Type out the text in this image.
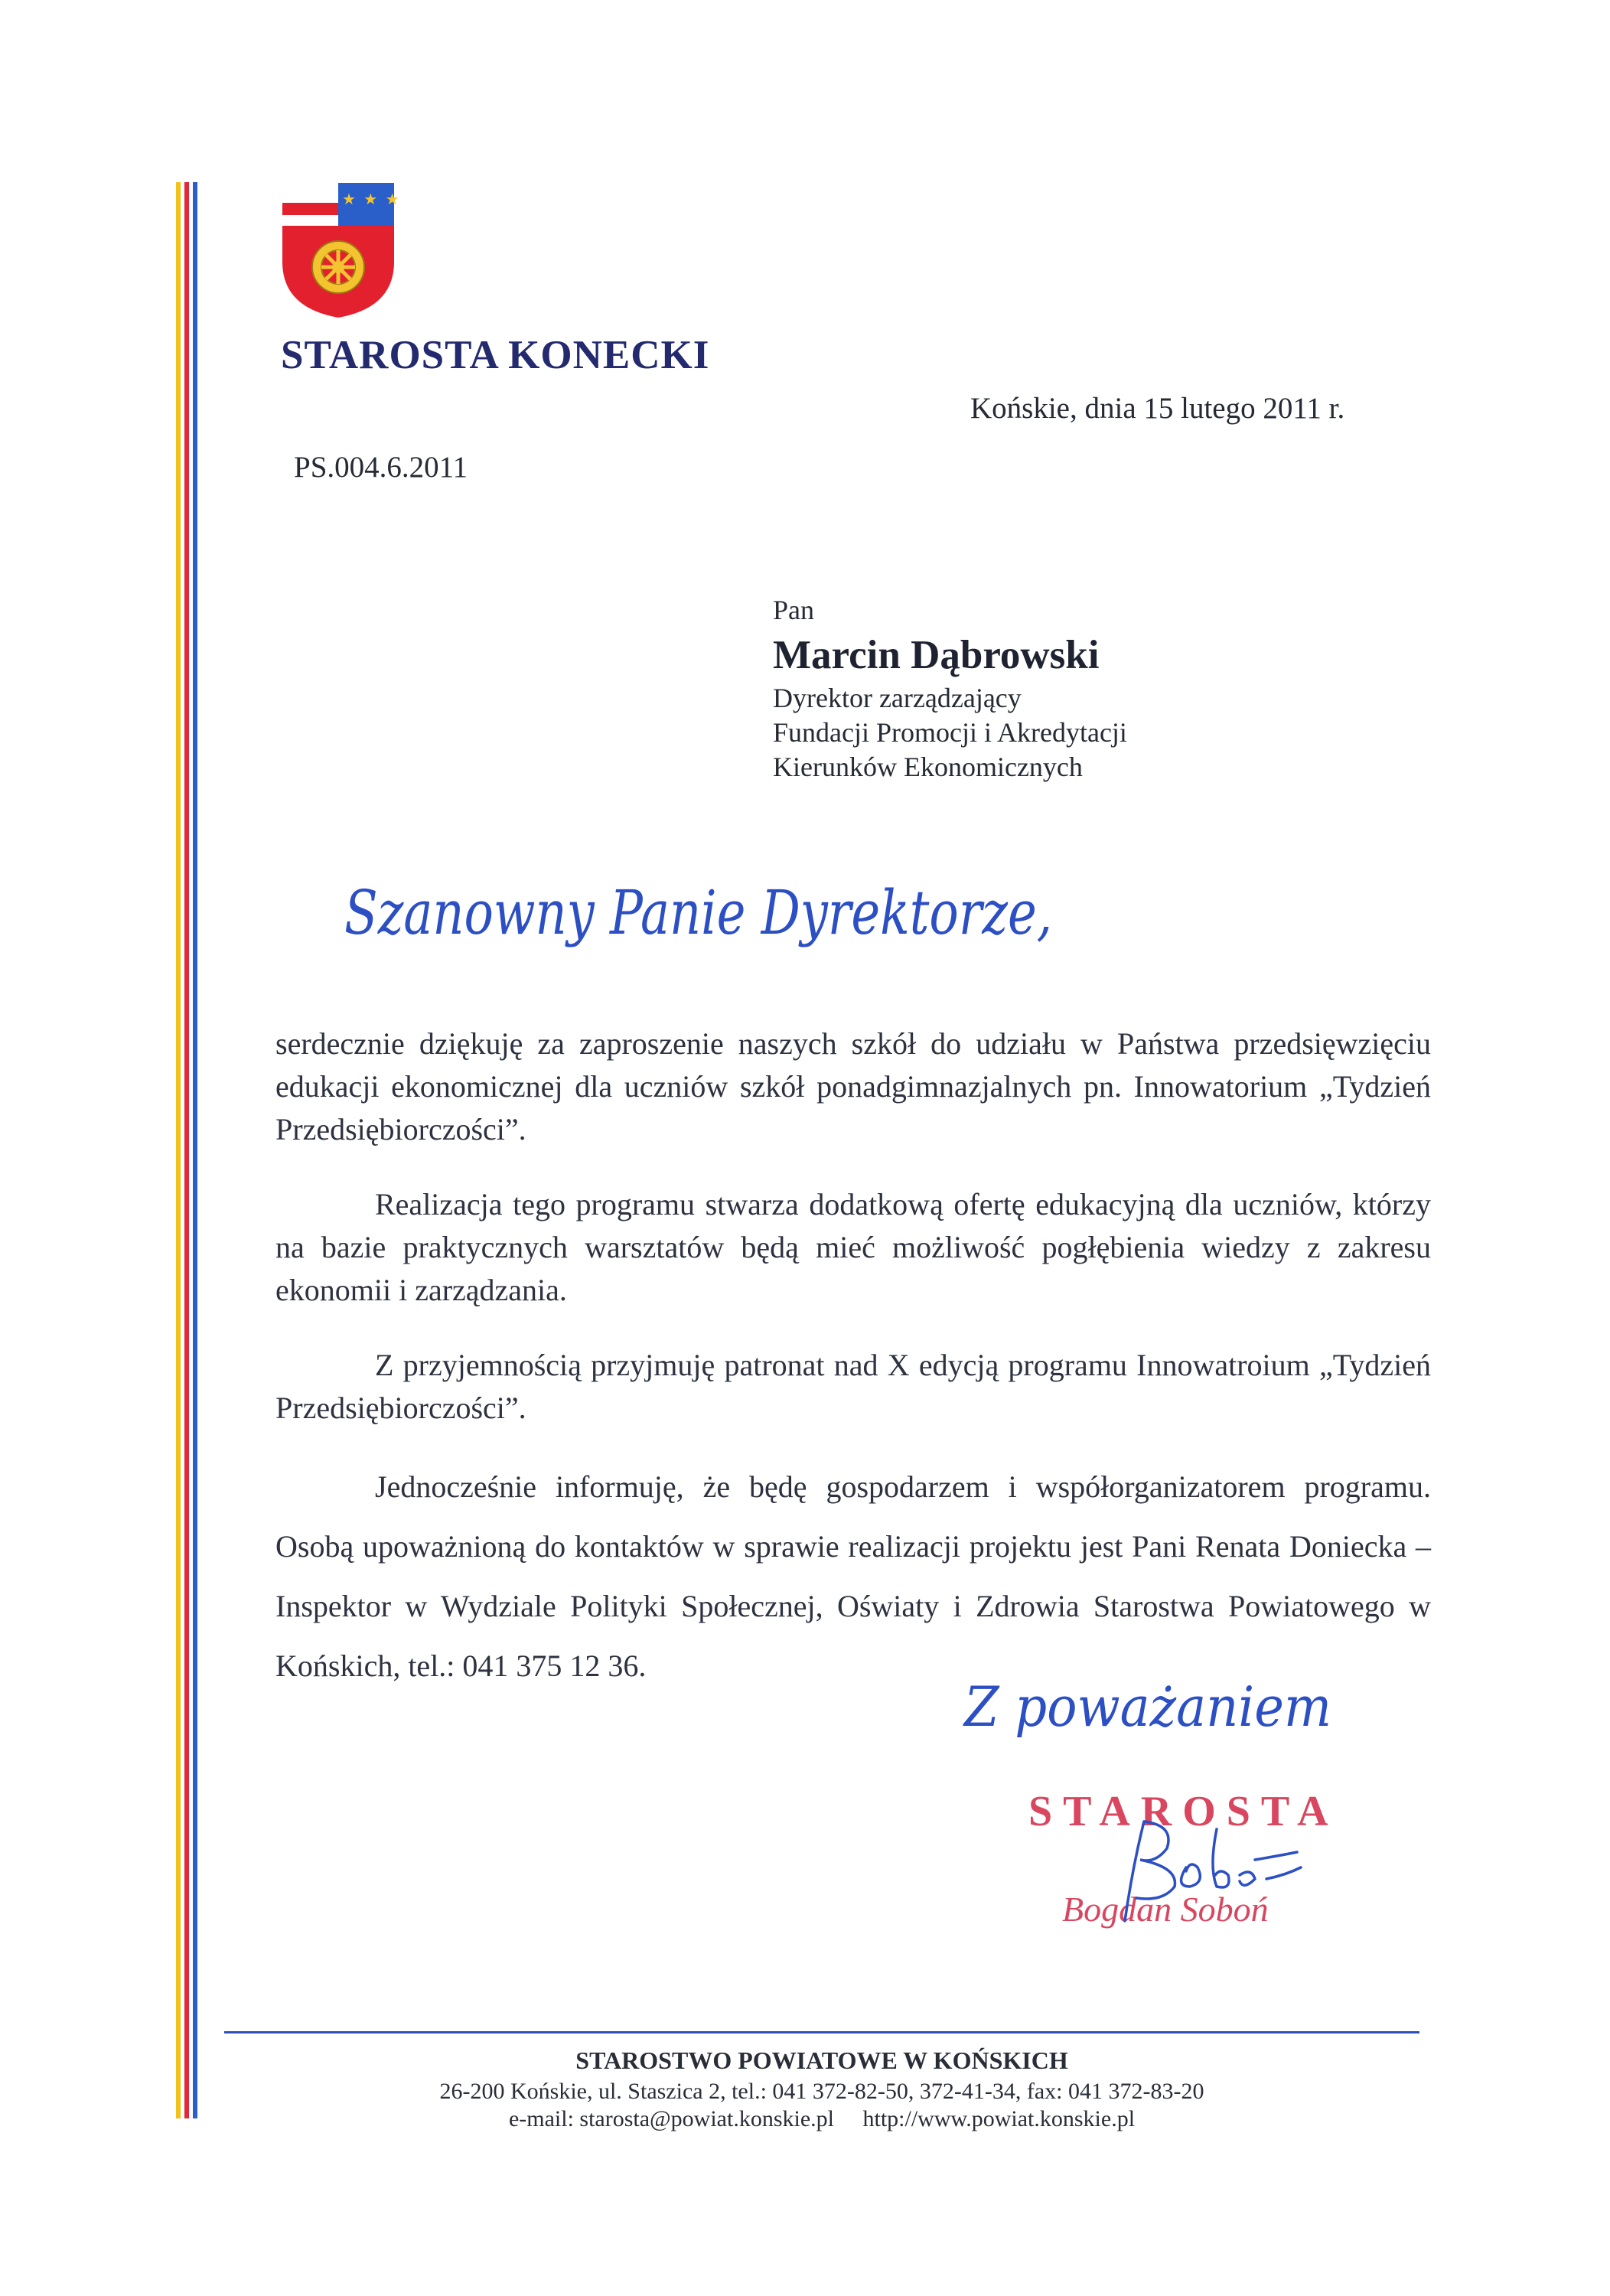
★ ★ ★
STAROSTA KONECKI
Końskie, dnia 15 lutego 2011 r.
PS.004.6.2011
Pan
Marcin Dąbrowski
Dyrektor zarządzający
Fundacji Promocji i Akredytacji
Kierunków Ekonomicznych
Szanowny Panie Dyrektorze,

serdecznie dziękuję za zaproszenie naszych szkół do udziału w Państwa przedsięwzięciu edukacji ekonomicznej dla uczniów szkół ponadgimnazjalnych pn. Innowatorium „Tydzień Przedsiębiorczości”.

Realizacja tego programu stwarza dodatkową ofertę edukacyjną dla uczniów, którzy na bazie praktycznych warsztatów będą mieć możliwość pogłębienia wiedzy z zakresu ekonomii i zarządzania.

Z przyjemnością przyjmuję patronat nad X edycją programu Innowatroium „Tydzień Przedsiębiorczości”.

Jednocześnie informuję, że będę gospodarzem i współorganizatorem programu. Osobą upoważnioną do kontaktów w sprawie realizacji projektu jest Pani Renata Doniecka – Inspektor w Wydziale Polityki Społecznej, Oświaty i Zdrowia Starostwa Powiatowego w Końskich, tel.: 041 375 12 36.

Z poważaniem
STAROSTA
Bogdan Soboń
STAROSTWO POWIATOWE W KOŃSKICH
26-200 Końskie, ul. Staszica 2, tel.: 041 372-82-50, 372-41-34, fax: 041 372-83-20
e-mail: starosta@powiat.konskie.pl     http://www.powiat.konskie.pl
